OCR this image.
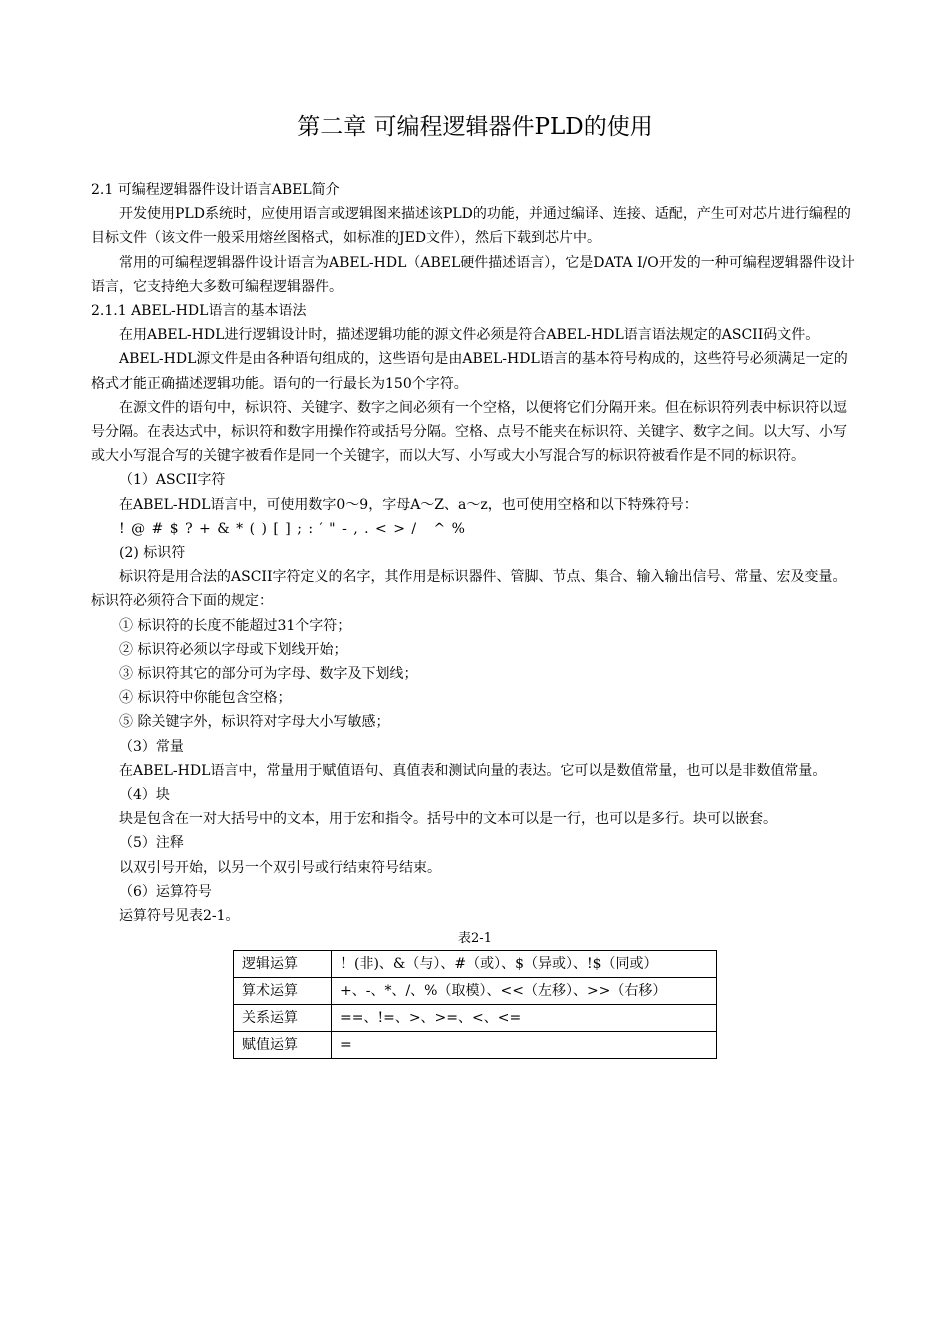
第二章 可编程逻辑器件PLD的使用

2.1 可编程逻辑器件设计语言ABEL简介

开发使用PLD系统时，应使用语言或逻辑图来描述该PLD的功能，并通过编译、连接、适配，产生可对芯片进行编程的目标文件（该文件一般采用熔丝图格式，如标准的JED文件），然后下载到芯片中。

常用的可编程逻辑器件设计语言为ABEL-HDL（ABEL硬件描述语言），它是DATA I/O开发的一种可编程逻辑器件设计语言，它支持绝大多数可编程逻辑器件。

2.1.1 ABEL-HDL语言的基本语法

在用ABEL-HDL进行逻辑设计时，描述逻辑功能的源文件必须是符合ABEL-HDL语言语法规定的ASCII码文件。

ABEL-HDL源文件是由各种语句组成的，这些语句是由ABEL-HDL语言的基本符号构成的，这些符号必须满足一定的格式才能正确描述逻辑功能。语句的一行最长为150个字符。

在源文件的语句中，标识符、关键字、数字之间必须有一个空格，以便将它们分隔开来。但在标识符列表中标识符以逗号分隔。在表达式中，标识符和数字用操作符或括号分隔。空格、点号不能夹在标识符、关键字、数字之间。以大写、小写或大小写混合写的关键字被看作是同一个关键字，而以大写、小写或大小写混合写的标识符被看作是不同的标识符。

（1）ASCII字符

在ABEL-HDL语言中，可使用数字0～9，字母A～Z、a～z，也可使用空格和以下特殊符号：

! @ # $ ? + & * ( ) [ ] ; : ′ " - , . < > /   ^ %

(2) 标识符

标识符是用合法的ASCII字符定义的名字，其作用是标识器件、管脚、节点、集合、输入输出信号、常量、宏及变量。标识符必须符合下面的规定：

① 标识符的长度不能超过31个字符；

② 标识符必须以字母或下划线开始；

③ 标识符其它的部分可为字母、数字及下划线；

④ 标识符中你能包含空格；

⑤ 除关键字外，标识符对字母大小写敏感；

（3）常量

在ABEL-HDL语言中，常量用于赋值语句、真值表和测试向量的表达。它可以是数值常量，也可以是非数值常量。

（4）块

块是包含在一对大括号中的文本，用于宏和指令。括号中的文本可以是一行，也可以是多行。块可以嵌套。

（5）注释

以双引号开始，以另一个双引号或行结束符号结束。

（6）运算符号

运算符号见表2-1。

表2-1

逻辑运算	！(非)、&（与）、#（或）、$（异或）、!$（同或）
算术运算	+、-、*、/、%（取模）、<<（左移）、>>（右移）
关系运算	==、!=、>、>=、<、<=
赋值运算	=
